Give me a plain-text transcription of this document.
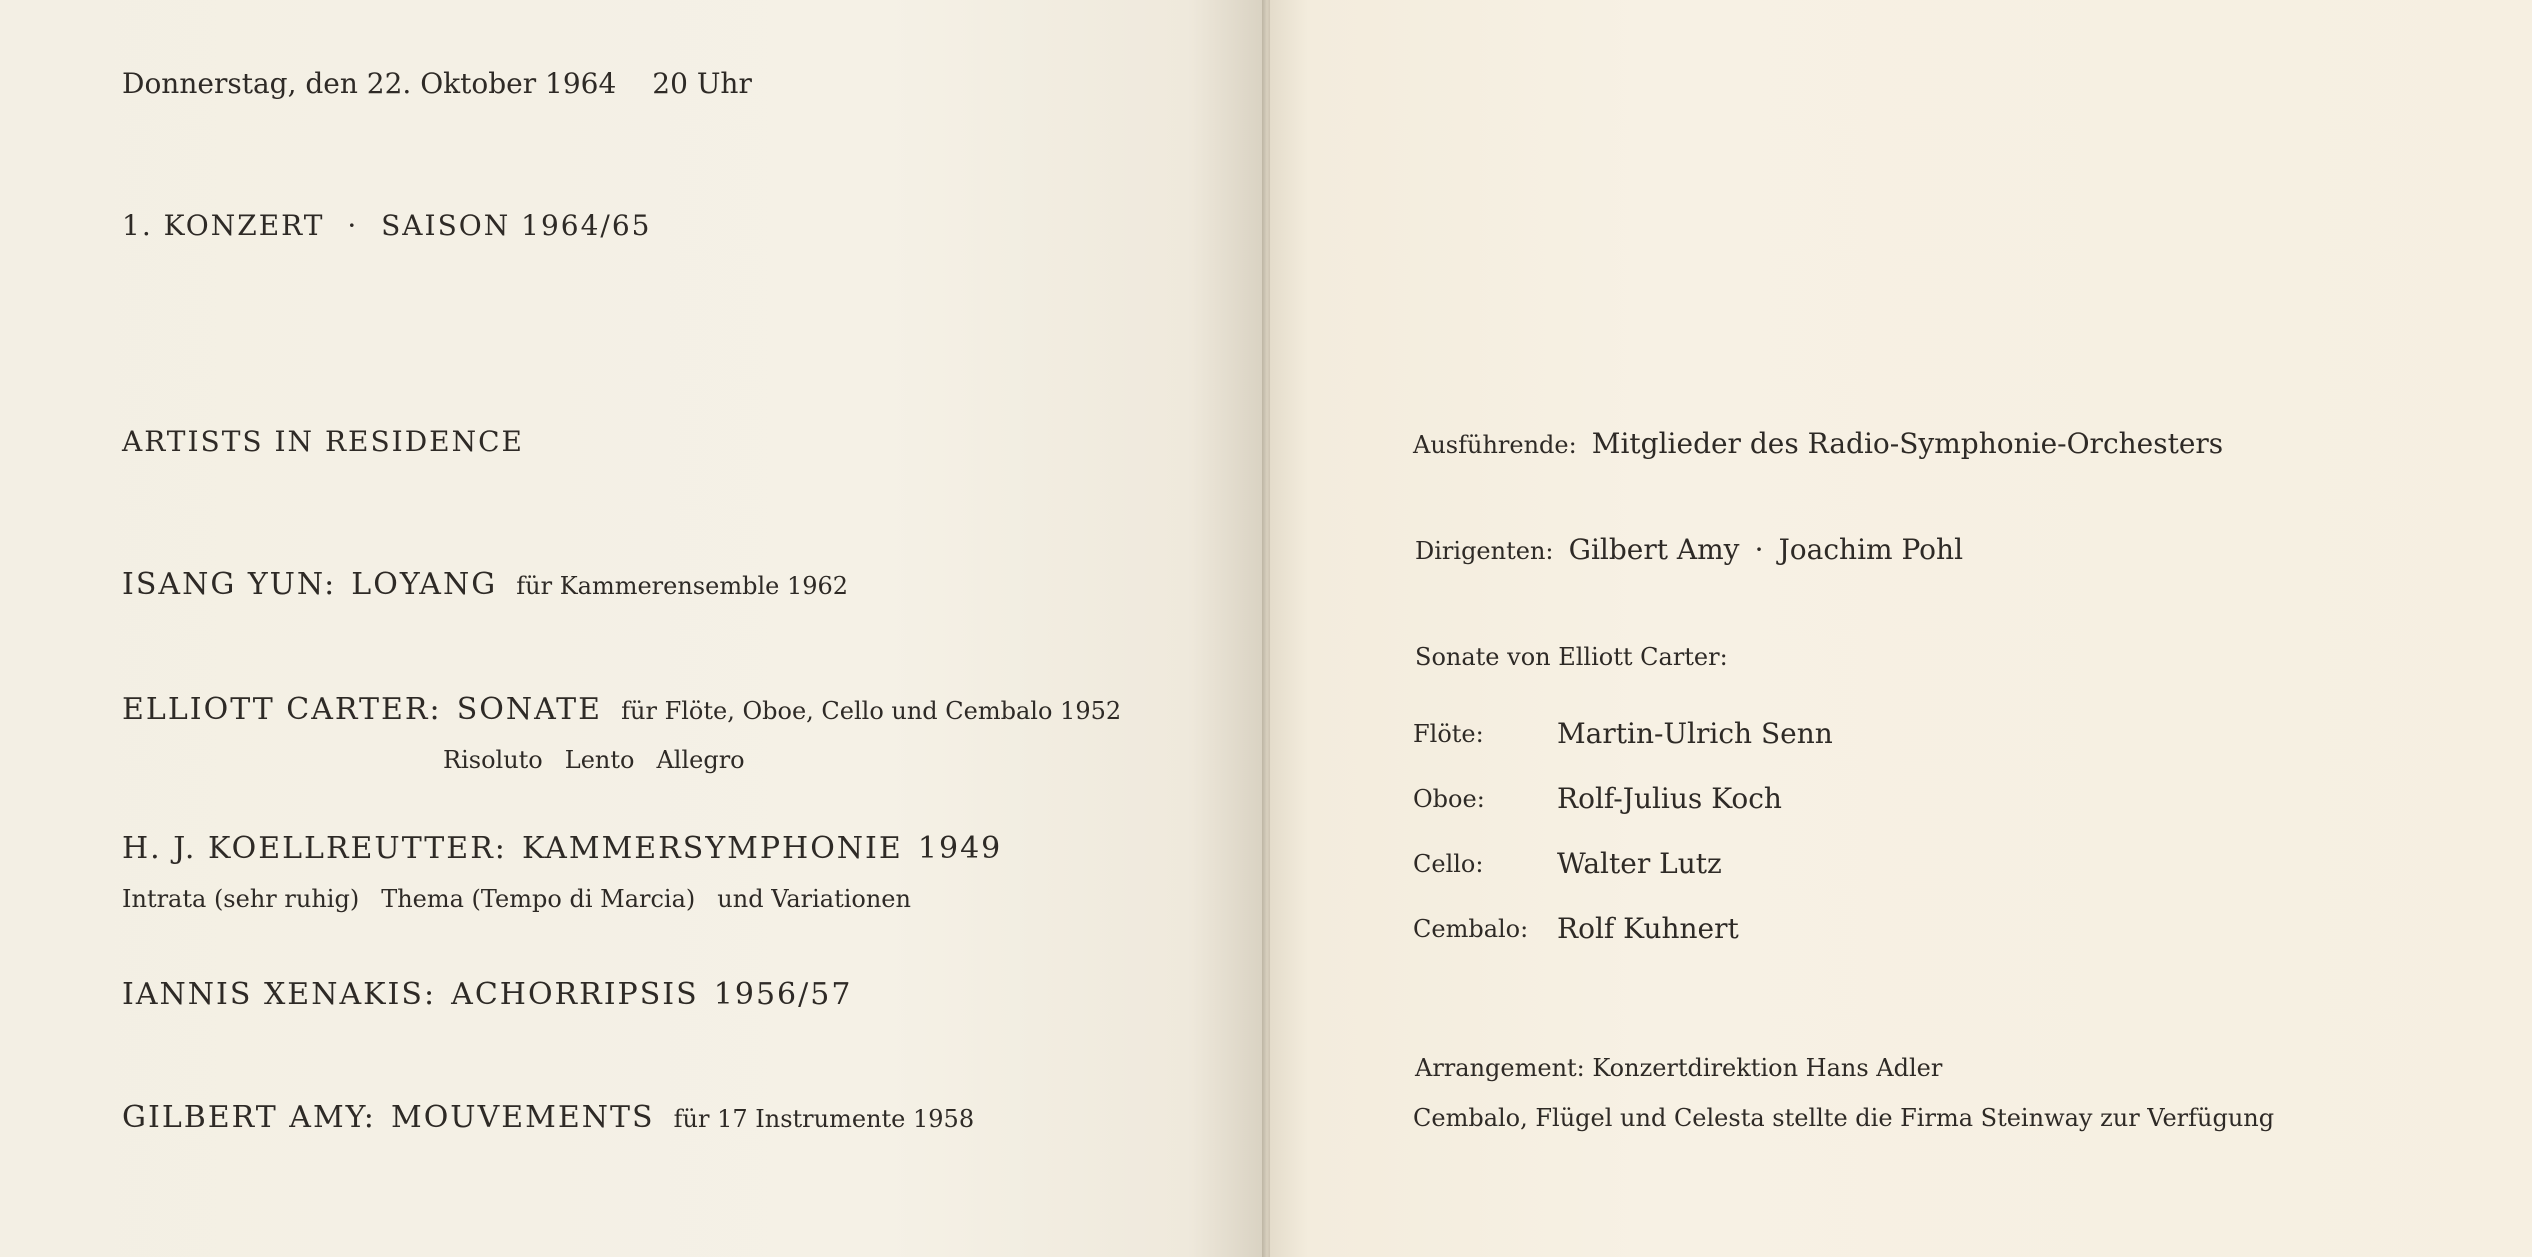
Donnerstag, den 22. Oktober 1964 20 Uhr
1. KONZERT · SAISON 1964/65
ARTISTS IN RESIDENCE
ISANG YUN: LOYANG für Kammerensemble 1962
ELLIOTT CARTER: SONATE für Flöte, Oboe, Cello und Cembalo 1952
Risoluto Lento Allegro
H. J. KOELLREUTTER: KAMMERSYMPHONIE 1949
Intrata (sehr ruhig) Thema (Tempo di Marcia) und Variationen
IANNIS XENAKIS: ACHORRIPSIS 1956/57
GILBERT AMY: MOUVEMENTS für 17 Instrumente 1958
Ausführende: Mitglieder des Radio-Symphonie-Orchesters
Dirigenten: Gilbert Amy · Joachim Pohl
Sonate von Elliott Carter:
Flöte:	Martin-Ulrich Senn
Oboe:	Rolf-Julius Koch
Cello:	Walter Lutz
Cembalo: Rolf Kuhnert
Arrangement: Konzertdirektion Hans Adler
Cembalo, Flügel und Celesta stellte die Firma Steinway zur Verfügung
